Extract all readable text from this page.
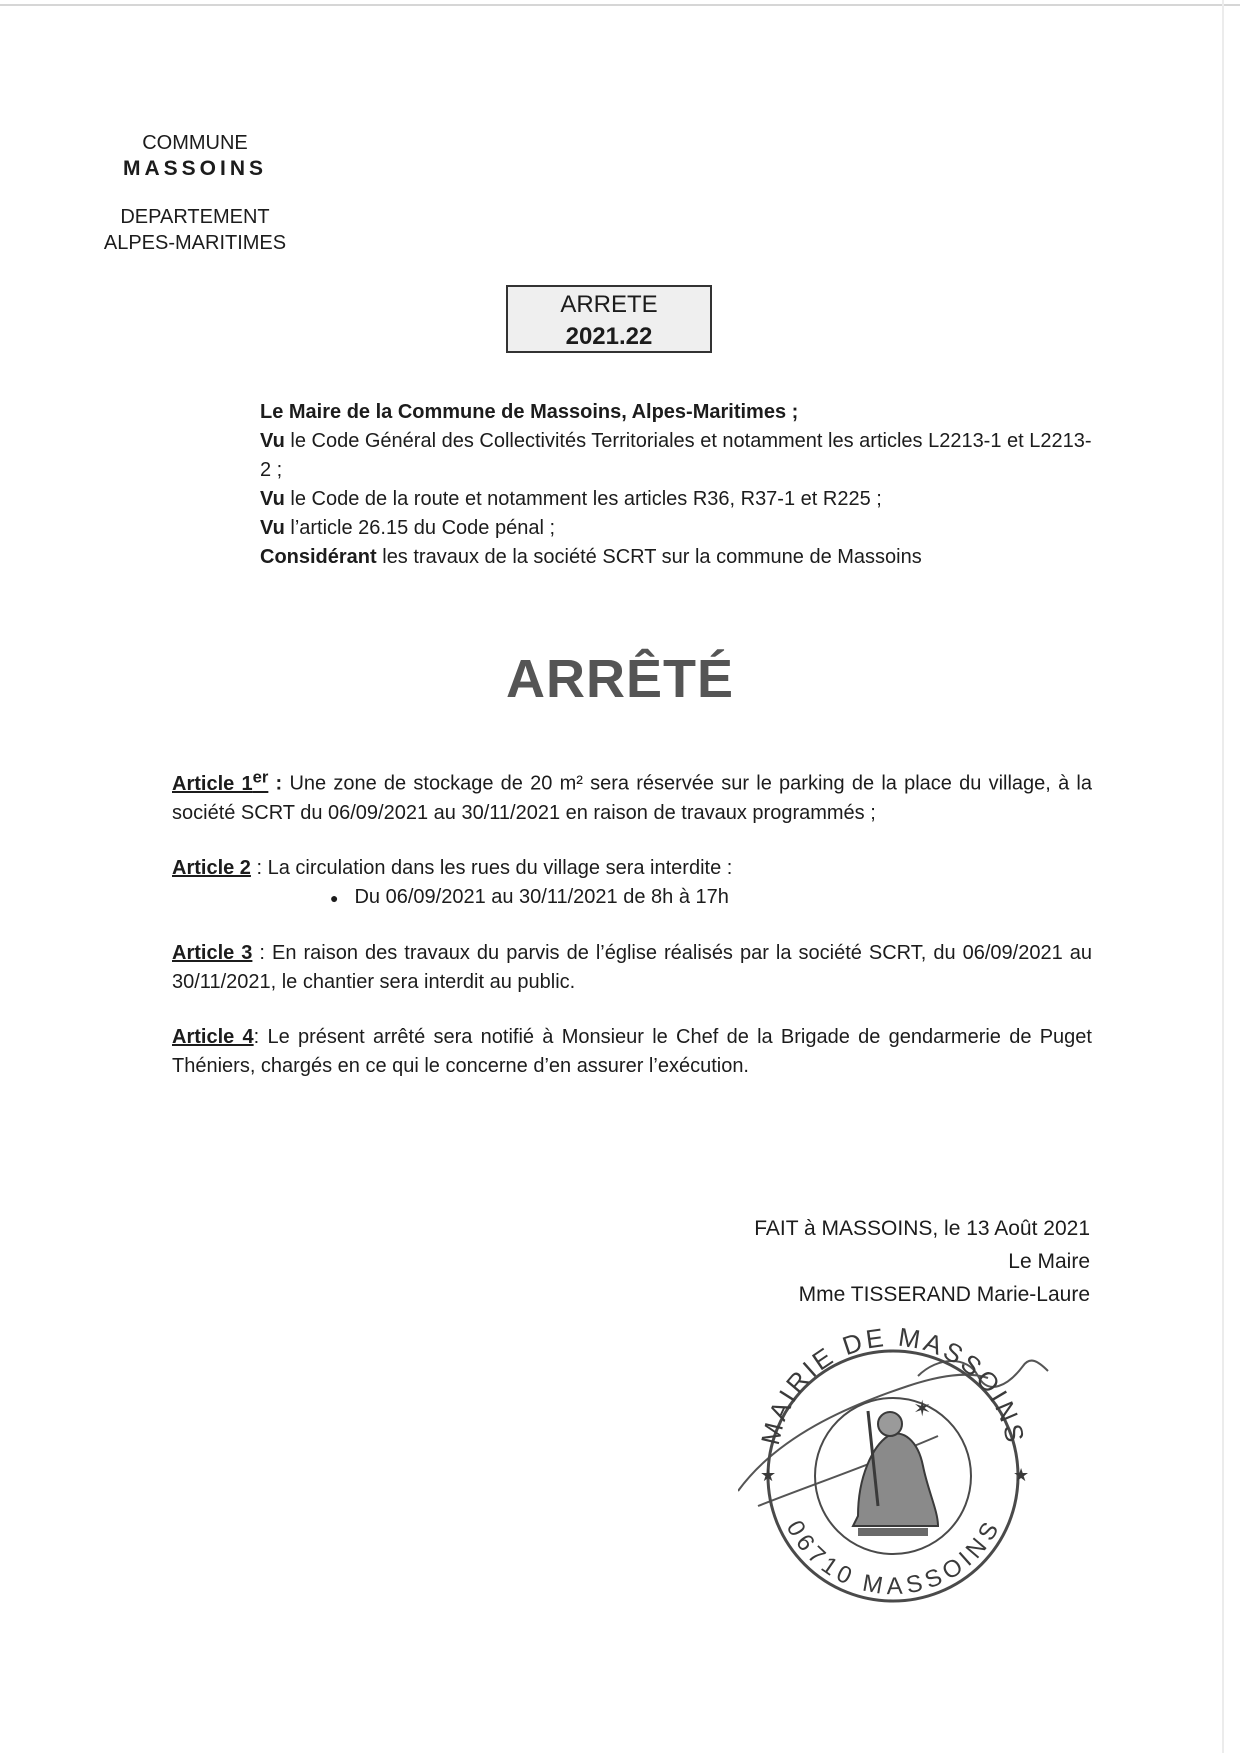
COMMUNE
MASSOINS
DEPARTEMENT
ALPES-MARITIMES
ARRETE
2021.22

Le Maire de la Commune de Massoins, Alpes-Maritimes ;

Vu le Code Général des Collectivités Territoriales et notamment les articles L2213-1 et L2213-2 ;

Vu le Code de la route et notamment les articles R36, R37-1 et R225 ;

Vu l’article 26.15 du Code pénal ;

Considérant les travaux de la société SCRT sur la commune de Massoins

ARRÊTÉ

Article 1er : Une zone de stockage de 20 m² sera réservée sur le parking de la place du village, à la société SCRT du 06/09/2021 au 30/11/2021 en raison de travaux programmés ;

Article 2 : La circulation dans les rues du village sera interdite :
● Du 06/09/2021 au 30/11/2021 de 8h à 17h

Article 3 : En raison des travaux du parvis de l’église réalisés par la société SCRT, du 06/09/2021 au 30/11/2021, le chantier sera interdit au public.

Article 4: Le présent arrêté sera notifié à Monsieur le Chef de la Brigade de gendarmerie de Puget Théniers, chargés en ce qui le concerne d’en assurer l’exécution.

FAIT à MASSOINS, le 13 Août 2021
Le Maire
Mme TISSERAND Marie-Laure
MAIRIE DE MASSOINS
06710 MASSOINS
★	★
✶
